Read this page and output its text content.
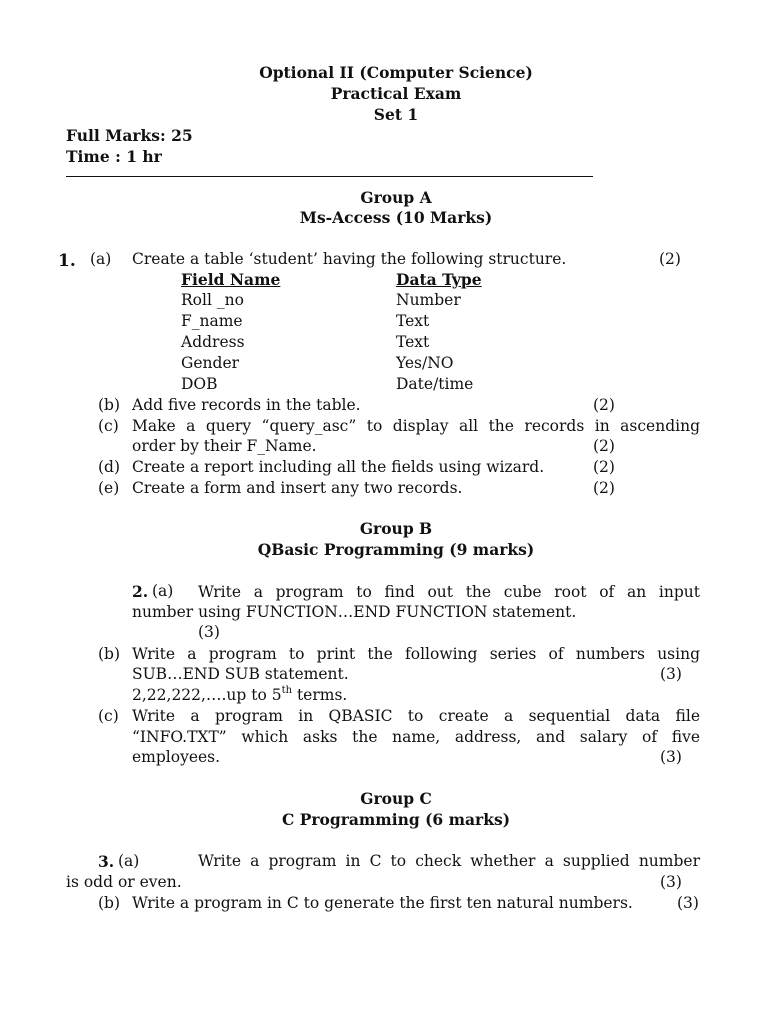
Optional II (Computer Science)
Practical Exam
Set 1
Full Marks: 25
Time : 1 hr
Group A
Ms-Access (10 Marks)
1. (a) Create a table ‘student’ having the following structure.	(2)
Field Name	Data Type
Roll _no	Number
F_name	Text
Address	Text
Gender	Yes/NO
DOB	Date/time
(b) Add five records in the table.	(2)
(c) Make a query “query_asc” to display all the records in ascending
order by their F_Name.	(2)
(d) Create a report including all the fields using wizard.	(2)
(e) Create a form and insert any two records.	(2)
Group B
QBasic Programming (9 marks)
2. (a) Write a program to find out the cube root of an input
number using FUNCTION…END FUNCTION statement.
(3)
(b) Write a program to print the following series of numbers using
SUB…END SUB statement.	(3)
2,22,222,….up to 5th terms.
(c) Write a program in QBASIC to create a sequential data file
“INFO.TXT” which asks the name, address, and salary of five
employees.	(3)
Group C
C Programming (6 marks)
3. (a)	Write a program in C to check whether a supplied number
is odd or even.	(3)
(b) Write a program in C to generate the first ten natural numbers.	(3)
